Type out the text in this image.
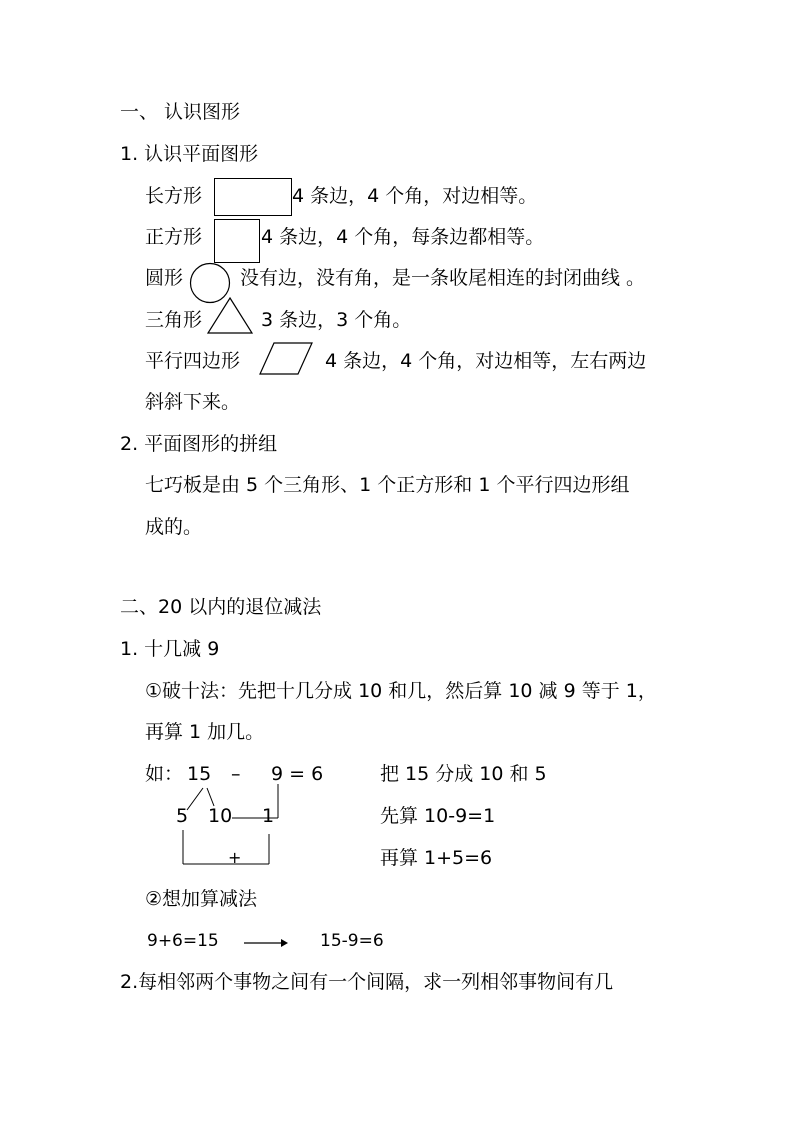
一、 认识图形
1. 认识平面图形
长方形	4 条边，4 个角，对边相等。
正方形	4 条边，4 个角，每条边都相等。
圆形	没有边，没有角，是一条收尾相连的封闭曲线 。
三角形	3 条边，3 个角。
平行四边形	4 条边，4 个角，对边相等，左右两边
斜斜下来。
2. 平面图形的拼组
七巧板是由 5 个三角形、1 个正方形和 1 个平行四边形组
成的。
二、20 以内的退位减法
1. 十几减 9
①破十法：先把十几分成 10 和几，然后算 10 减 9 等于 1，
再算 1 加几。
如： 15 – 9 = 6
5 10 1
+
把 15 分成 10 和 5
先算 10-9=1
再算 1+5=6
②想加算减法
9+6=15	15-9=6
2.每相邻两个事物之间有一个间隔，求一列相邻事物间有几
